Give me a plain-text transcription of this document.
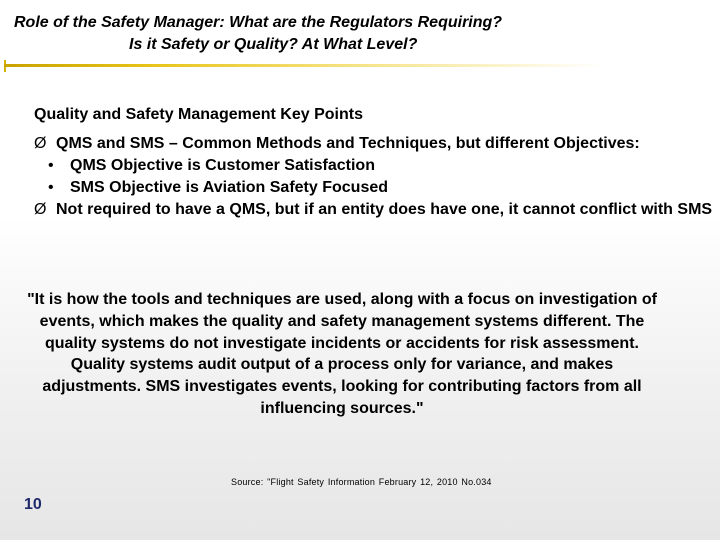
Role of the Safety Manager: What are the Regulators Requiring?
Is it Safety or Quality? At What Level?
Quality and Safety Management Key Points
Ø QMS and SMS – Common Methods and Techniques, but different Objectives:
• QMS Objective is Customer Satisfaction
• SMS Objective is Aviation Safety Focused
Ø Not required to have a QMS, but if an entity does have one, it cannot conflict with SMS
"It is how the tools and techniques are used, along with a focus on investigation of events, which makes the quality and safety management systems different. The quality systems do not investigate incidents or accidents for risk assessment. Quality systems audit output of a process only for variance, and makes adjustments. SMS investigates events, looking for contributing factors from all influencing sources."
Source: "Flight Safety Information February 12, 2010 No.034
10
